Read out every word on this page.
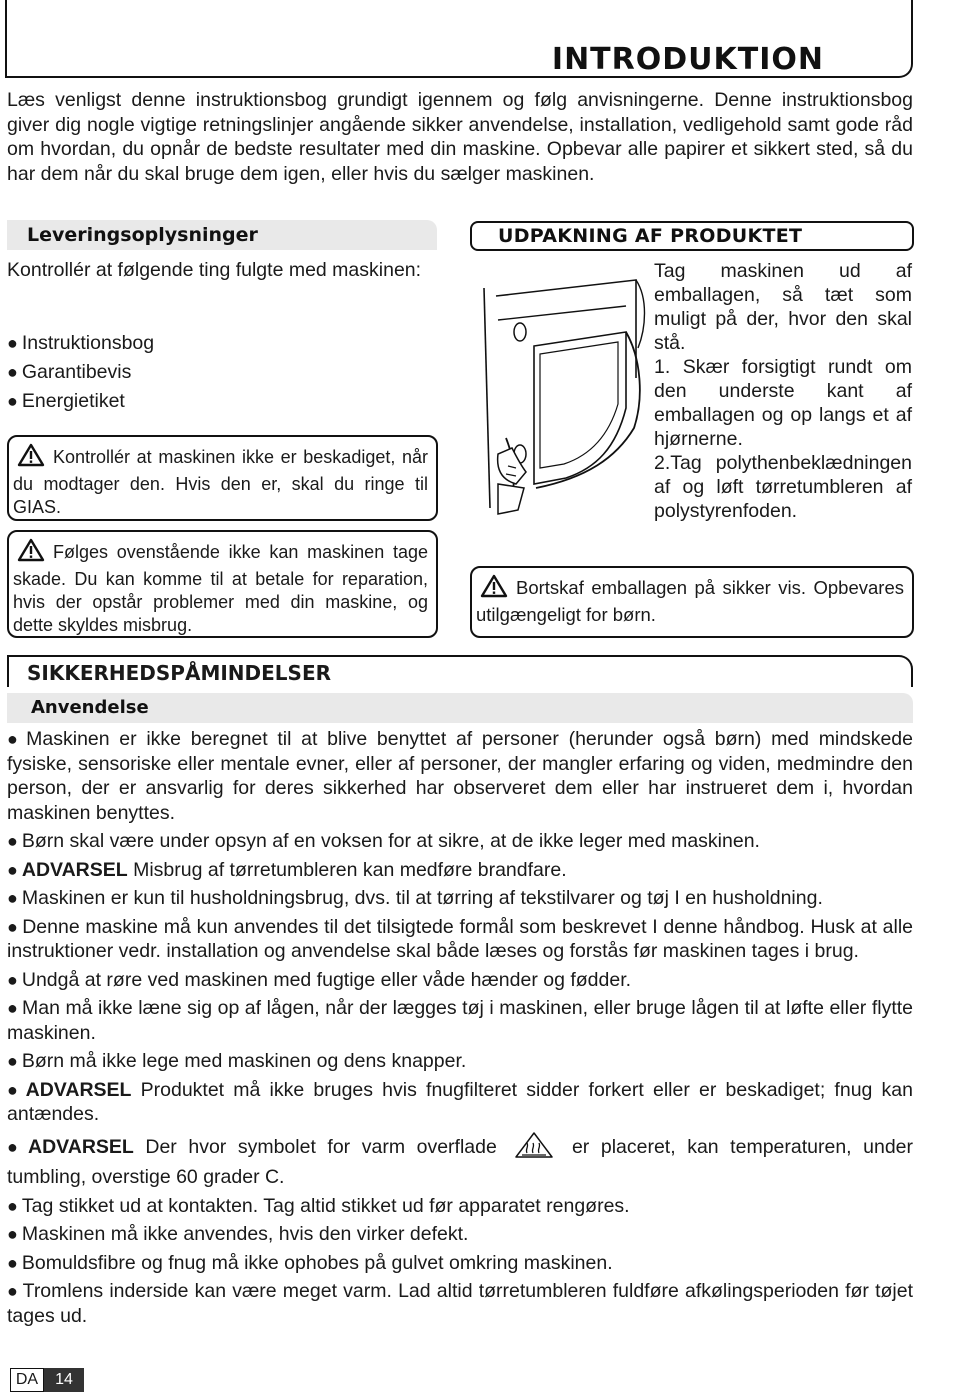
INTRODUKTION
Læs venligst denne instruktionsbog grundigt igennem og følg anvisningerne. Denne instruktionsbog giver dig nogle vigtige retningslinjer angående sikker anvendelse, installation, vedligehold samt gode råd om hvordan, du opnår de bedste resultater med din maskine. Opbevar alle papirer et sikkert sted, så du har dem når du skal bruge dem igen, eller hvis du sælger maskinen.
Leveringsoplysninger
Kontrollér at følgende ting fulgte med maskinen:
● Instruktionsbog
● Garantibevis
● Energietiket
Kontrollér at maskinen ikke er beskadiget, når du modtager den. Hvis den er, skal du ringe til GIAS.
Følges ovenstående ikke kan maskinen tage skade. Du kan komme til at betale for reparation, hvis der opstår problemer med din maskine, og dette skyldes misbrug.
UDPAKNING AF PRODUKTET

Tag maskinen ud af emballagen, så tæt som muligt på der, hvor den skal stå.

1. Skær forsigtigt rundt om den underste kant af emballagen og op langs et af hjørnerne.

2.Tag polythenbeklædningen af og løft tørretumbleren af polystyrenfoden.

Bortskaf emballagen på sikker vis. Opbevares utilgængeligt for børn.
SIKKERHEDSPÅMINDELSER
Anvendelse

● Maskinen er ikke beregnet til at blive benyttet af personer (herunder også børn) med mindskede fysiske, sensoriske eller mentale evner, eller af personer, der mangler erfaring og viden, medmindre den person, der er ansvarlig for deres sikkerhed har observeret dem eller har instrueret dem i, hvordan maskinen benyttes.

● Børn skal være under opsyn af en voksen for at sikre, at de ikke leger med maskinen.

● ADVARSEL Misbrug af tørretumbleren kan medføre brandfare.

● Maskinen er kun til husholdningsbrug, dvs. til at tørring af tekstilvarer og tøj I en husholdning.

● Denne maskine må kun anvendes til det tilsigtede formål som beskrevet I denne håndbog. Husk at alle instruktioner vedr. installation og anvendelse skal både læses og forstås før maskinen tages i brug.

● Undgå at røre ved maskinen med fugtige eller våde hænder og fødder.

● Man må ikke læne sig op af lågen, når der lægges tøj i maskinen, eller bruge lågen til at løfte eller flytte maskinen.

● Børn må ikke lege med maskinen og dens knapper.

● ADVARSEL Produktet må ikke bruges hvis fnugfilteret sidder forkert eller er beskadiget; fnug kan antændes.

● ADVARSEL Der hvor symbolet for varm overflade	er placeret, kan temperaturen, under tumbling, overstige 60 grader C.

● Tag stikket ud at kontakten. Tag altid stikket ud før apparatet rengøres.

● Maskinen må ikke anvendes, hvis den virker defekt.

● Bomuldsfibre og fnug må ikke ophobes på gulvet omkring maskinen.

● Tromlens inderside kan være meget varm. Lad altid tørretumbleren fuldføre afkølingsperioden før tøjet tages ud.

DA	14
